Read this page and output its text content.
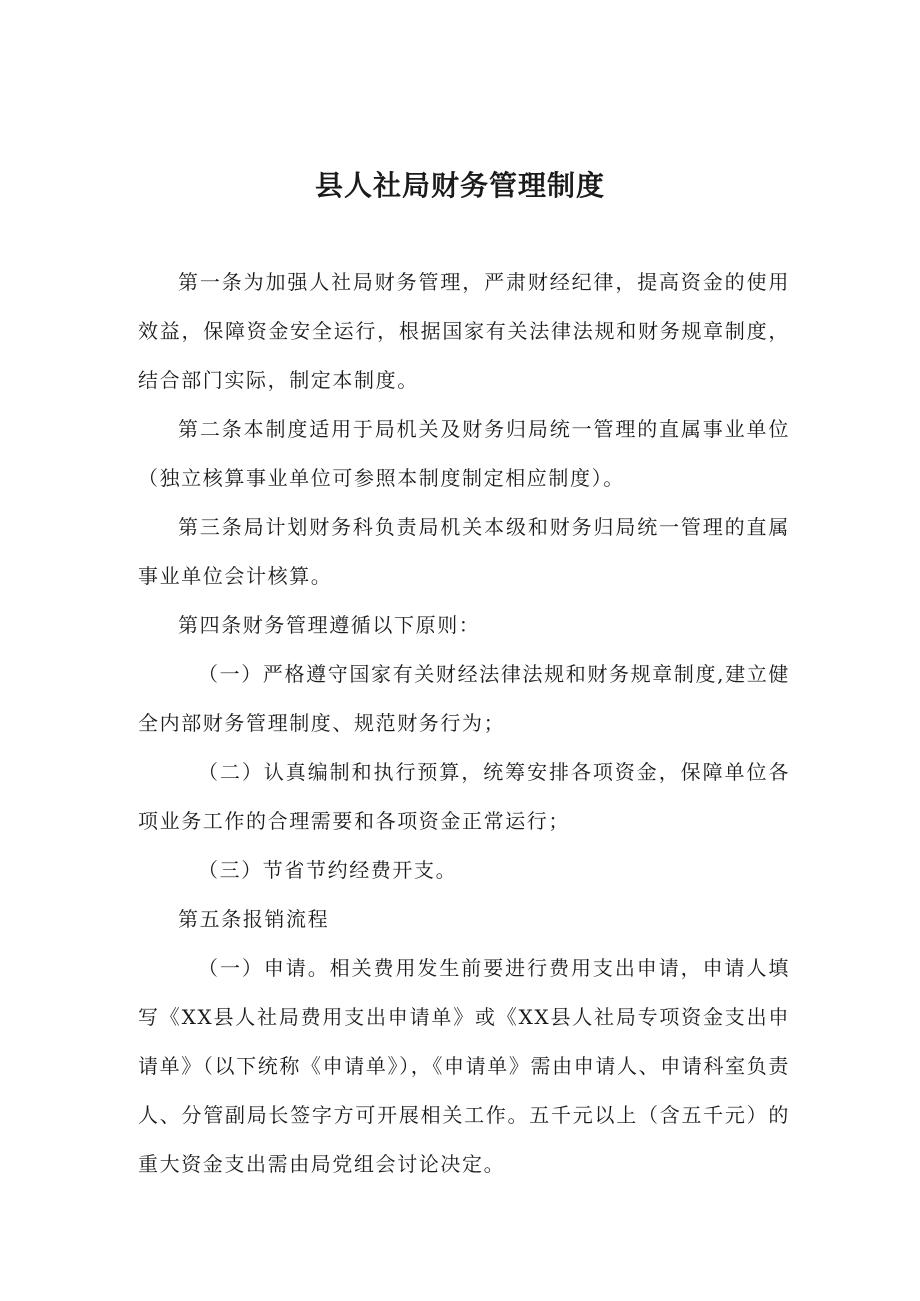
县人社局财务管理制度

第一条为加强人社局财务管理，严肃财经纪律，提高资金的使用效益，保障资金安全运行，根据国家有关法律法规和财务规章制度，结合部门实际，制定本制度。

第二条本制度适用于局机关及财务归局统一管理的直属事业单位（独立核算事业单位可参照本制度制定相应制度）。

第三条局计划财务科负责局机关本级和财务归局统一管理的直属事业单位会计核算。

第四条财务管理遵循以下原则：

（一）严格遵守国家有关财经法律法规和财务规章制度,建立健全内部财务管理制度、规范财务行为；

（二）认真编制和执行预算，统筹安排各项资金，保障单位各项业务工作的合理需要和各项资金正常运行；

（三）节省节约经费开支。

第五条报销流程

（一）申请。相关费用发生前要进行费用支出申请，申请人填写《XX县人社局费用支出申请单》或《XX县人社局专项资金支出申请单》（以下统称《申请单》），《申请单》需由申请人、申请科室负责人、分管副局长签字方可开展相关工作。五千元以上（含五千元）的重大资金支出需由局党组会讨论决定。
